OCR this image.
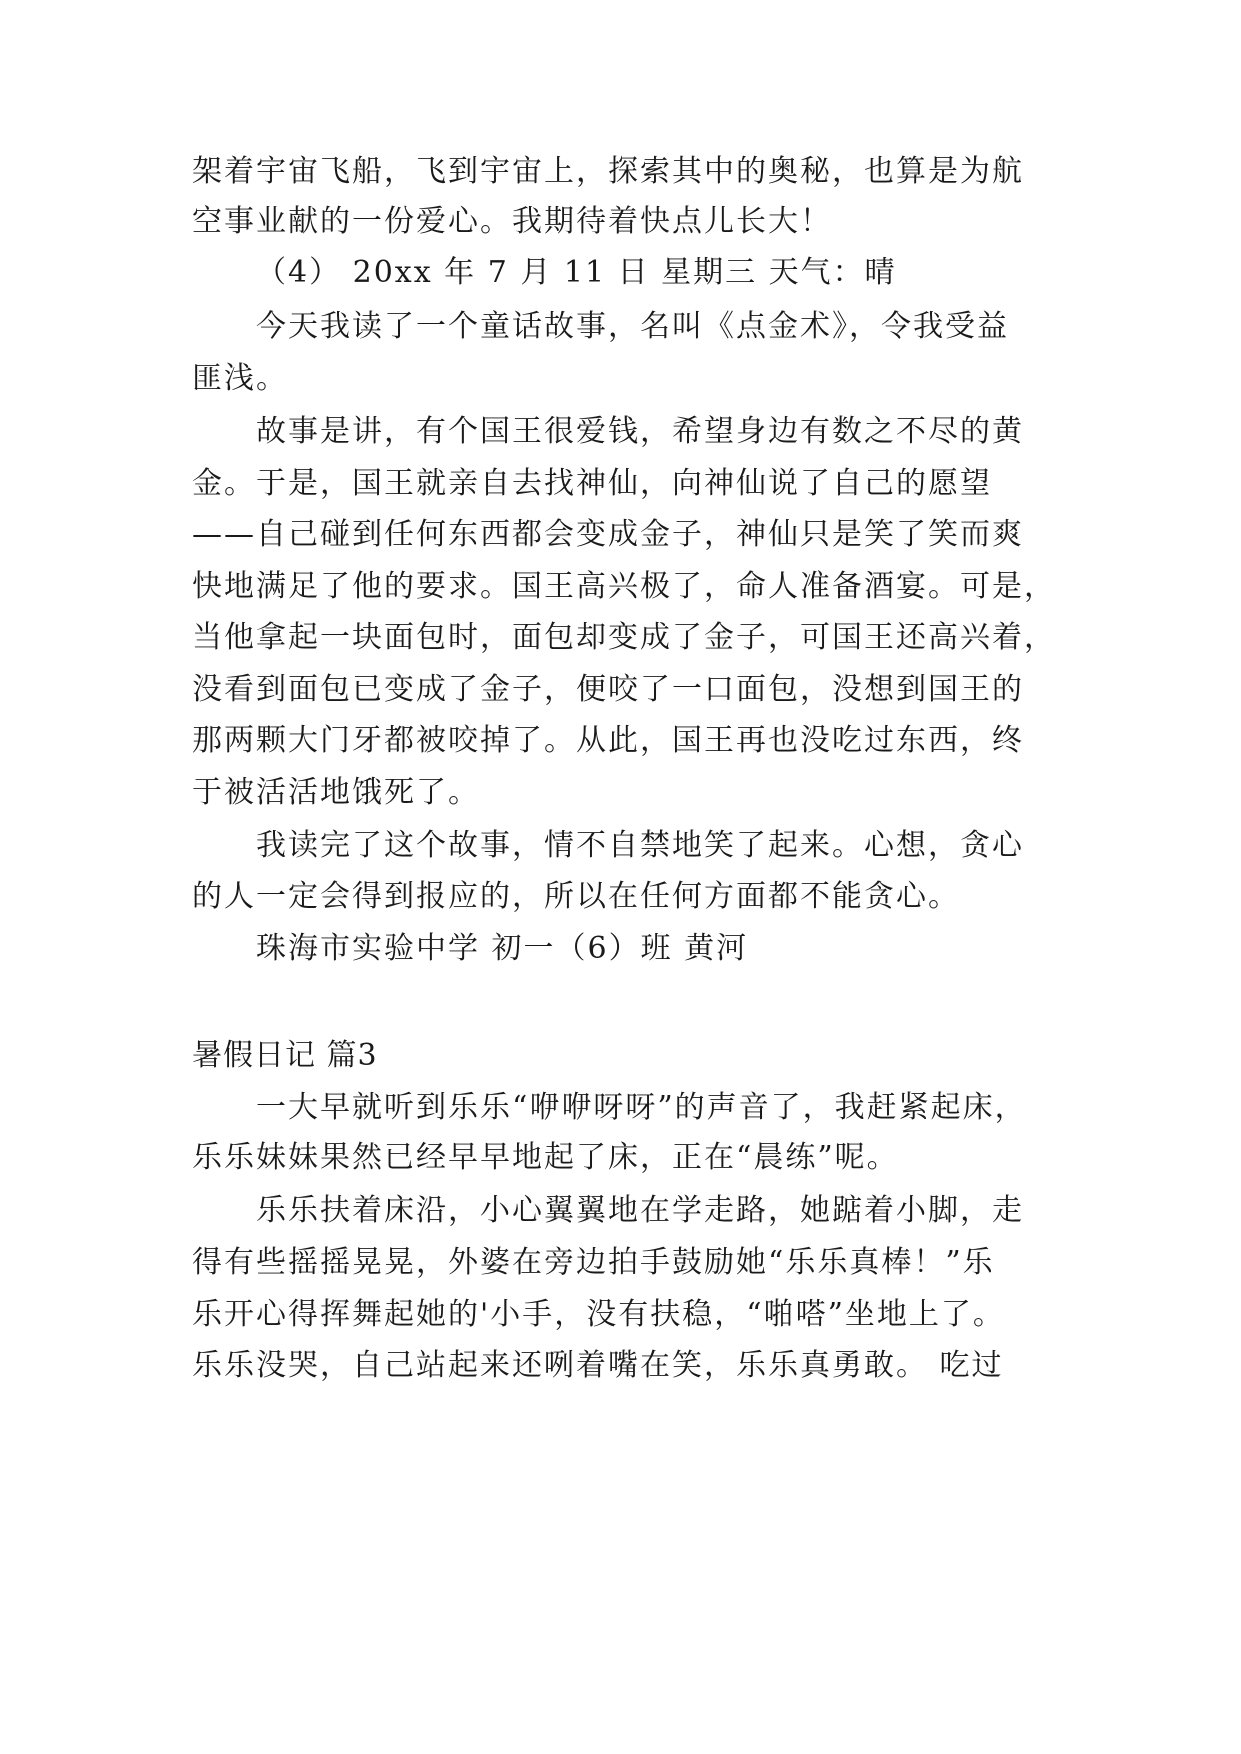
架着宇宙飞船，飞到宇宙上，探索其中的奥秘，也算是为航
空事业献的一份爱心。我期待着快点儿长大！
（4） 20xx 年 7 月 11 日 星期三 天气：晴
今天我读了一个童话故事，名叫《点金术》，令我受益
匪浅。
故事是讲，有个国王很爱钱，希望身边有数之不尽的黄
金。于是，国王就亲自去找神仙，向神仙说了自己的愿望
——自己碰到任何东西都会变成金子，神仙只是笑了笑而爽
快地满足了他的要求。国王高兴极了，命人准备酒宴。可是，
当他拿起一块面包时，面包却变成了金子，可国王还高兴着，
没看到面包已变成了金子，便咬了一口面包，没想到国王的
那两颗大门牙都被咬掉了。从此，国王再也没吃过东西，终
于被活活地饿死了。
我读完了这个故事，情不自禁地笑了起来。心想，贪心
的人一定会得到报应的，所以在任何方面都不能贪心。
珠海市实验中学 初一（6）班 黄河
暑假日记 篇3
一大早就听到乐乐“咿咿呀呀”的声音了，我赶紧起床，
乐乐妹妹果然已经早早地起了床，正在“晨练”呢。
乐乐扶着床沿，小心翼翼地在学走路，她踮着小脚，走
得有些摇摇晃晃，外婆在旁边拍手鼓励她“乐乐真棒！”乐
乐开心得挥舞起她的'小手，没有扶稳，“啪嗒”坐地上了。
乐乐没哭，自己站起来还咧着嘴在笑，乐乐真勇敢。 吃过
